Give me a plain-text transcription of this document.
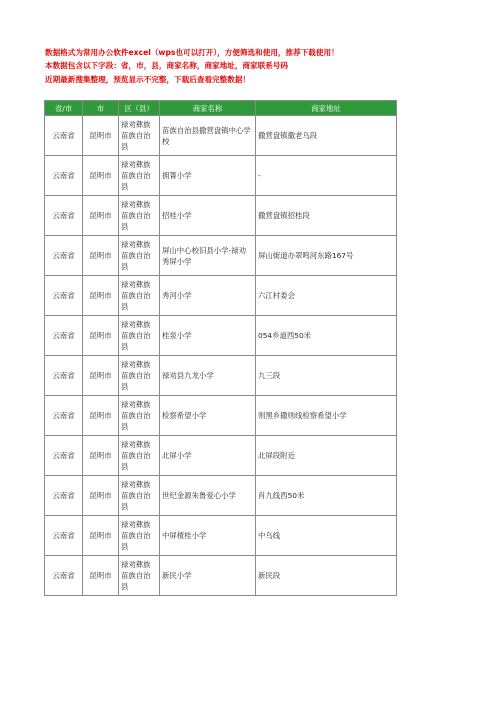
数据格式为常用办公软件excel（wps也可以打开），方便筛选和使用，推荐下载使用！
本数据包含以下字段：省，市，县，商家名称，商家地址，商家联系号码
近期最新搜集整理，预览显示不完整，下载后查看完整数据！
省/市	市	区（县）	商家名称	商家地址
云南省	昆明市	禄劝彝族苗族自治县	苗族自治县撒营盘镇中心学校	撒营盘镇撒老乌段
云南省	昆明市	禄劝彝族苗族自治县	拥箐小学	-
云南省	昆明市	禄劝彝族苗族自治县	招桂小学	撒营盘镇招桂段
云南省	昆明市	禄劝彝族苗族自治县	屏山中心校旧县小学-禄劝秀屏小学	屏山街道办翠鸣河东路167号
云南省	昆明市	禄劝彝族苗族自治县	秀河小学	六江村委会
云南省	昆明市	禄劝彝族苗族自治县	桂泉小学	054乡道西50米
云南省	昆明市	禄劝彝族苗族自治县	禄劝县九龙小学	九三段
云南省	昆明市	禄劝彝族苗族自治县	检察希望小学	则黑乡撒则线检察希望小学
云南省	昆明市	禄劝彝族苗族自治县	北屏小学	北屏段附近
云南省	昆明市	禄劝彝族苗族自治县	世纪金源朱鲁爱心小学	肖九线西50米
云南省	昆明市	禄劝彝族苗族自治县	中屏楂桂小学	中乌线
云南省	昆明市	禄劝彝族苗族自治县	新民小学	新民段
